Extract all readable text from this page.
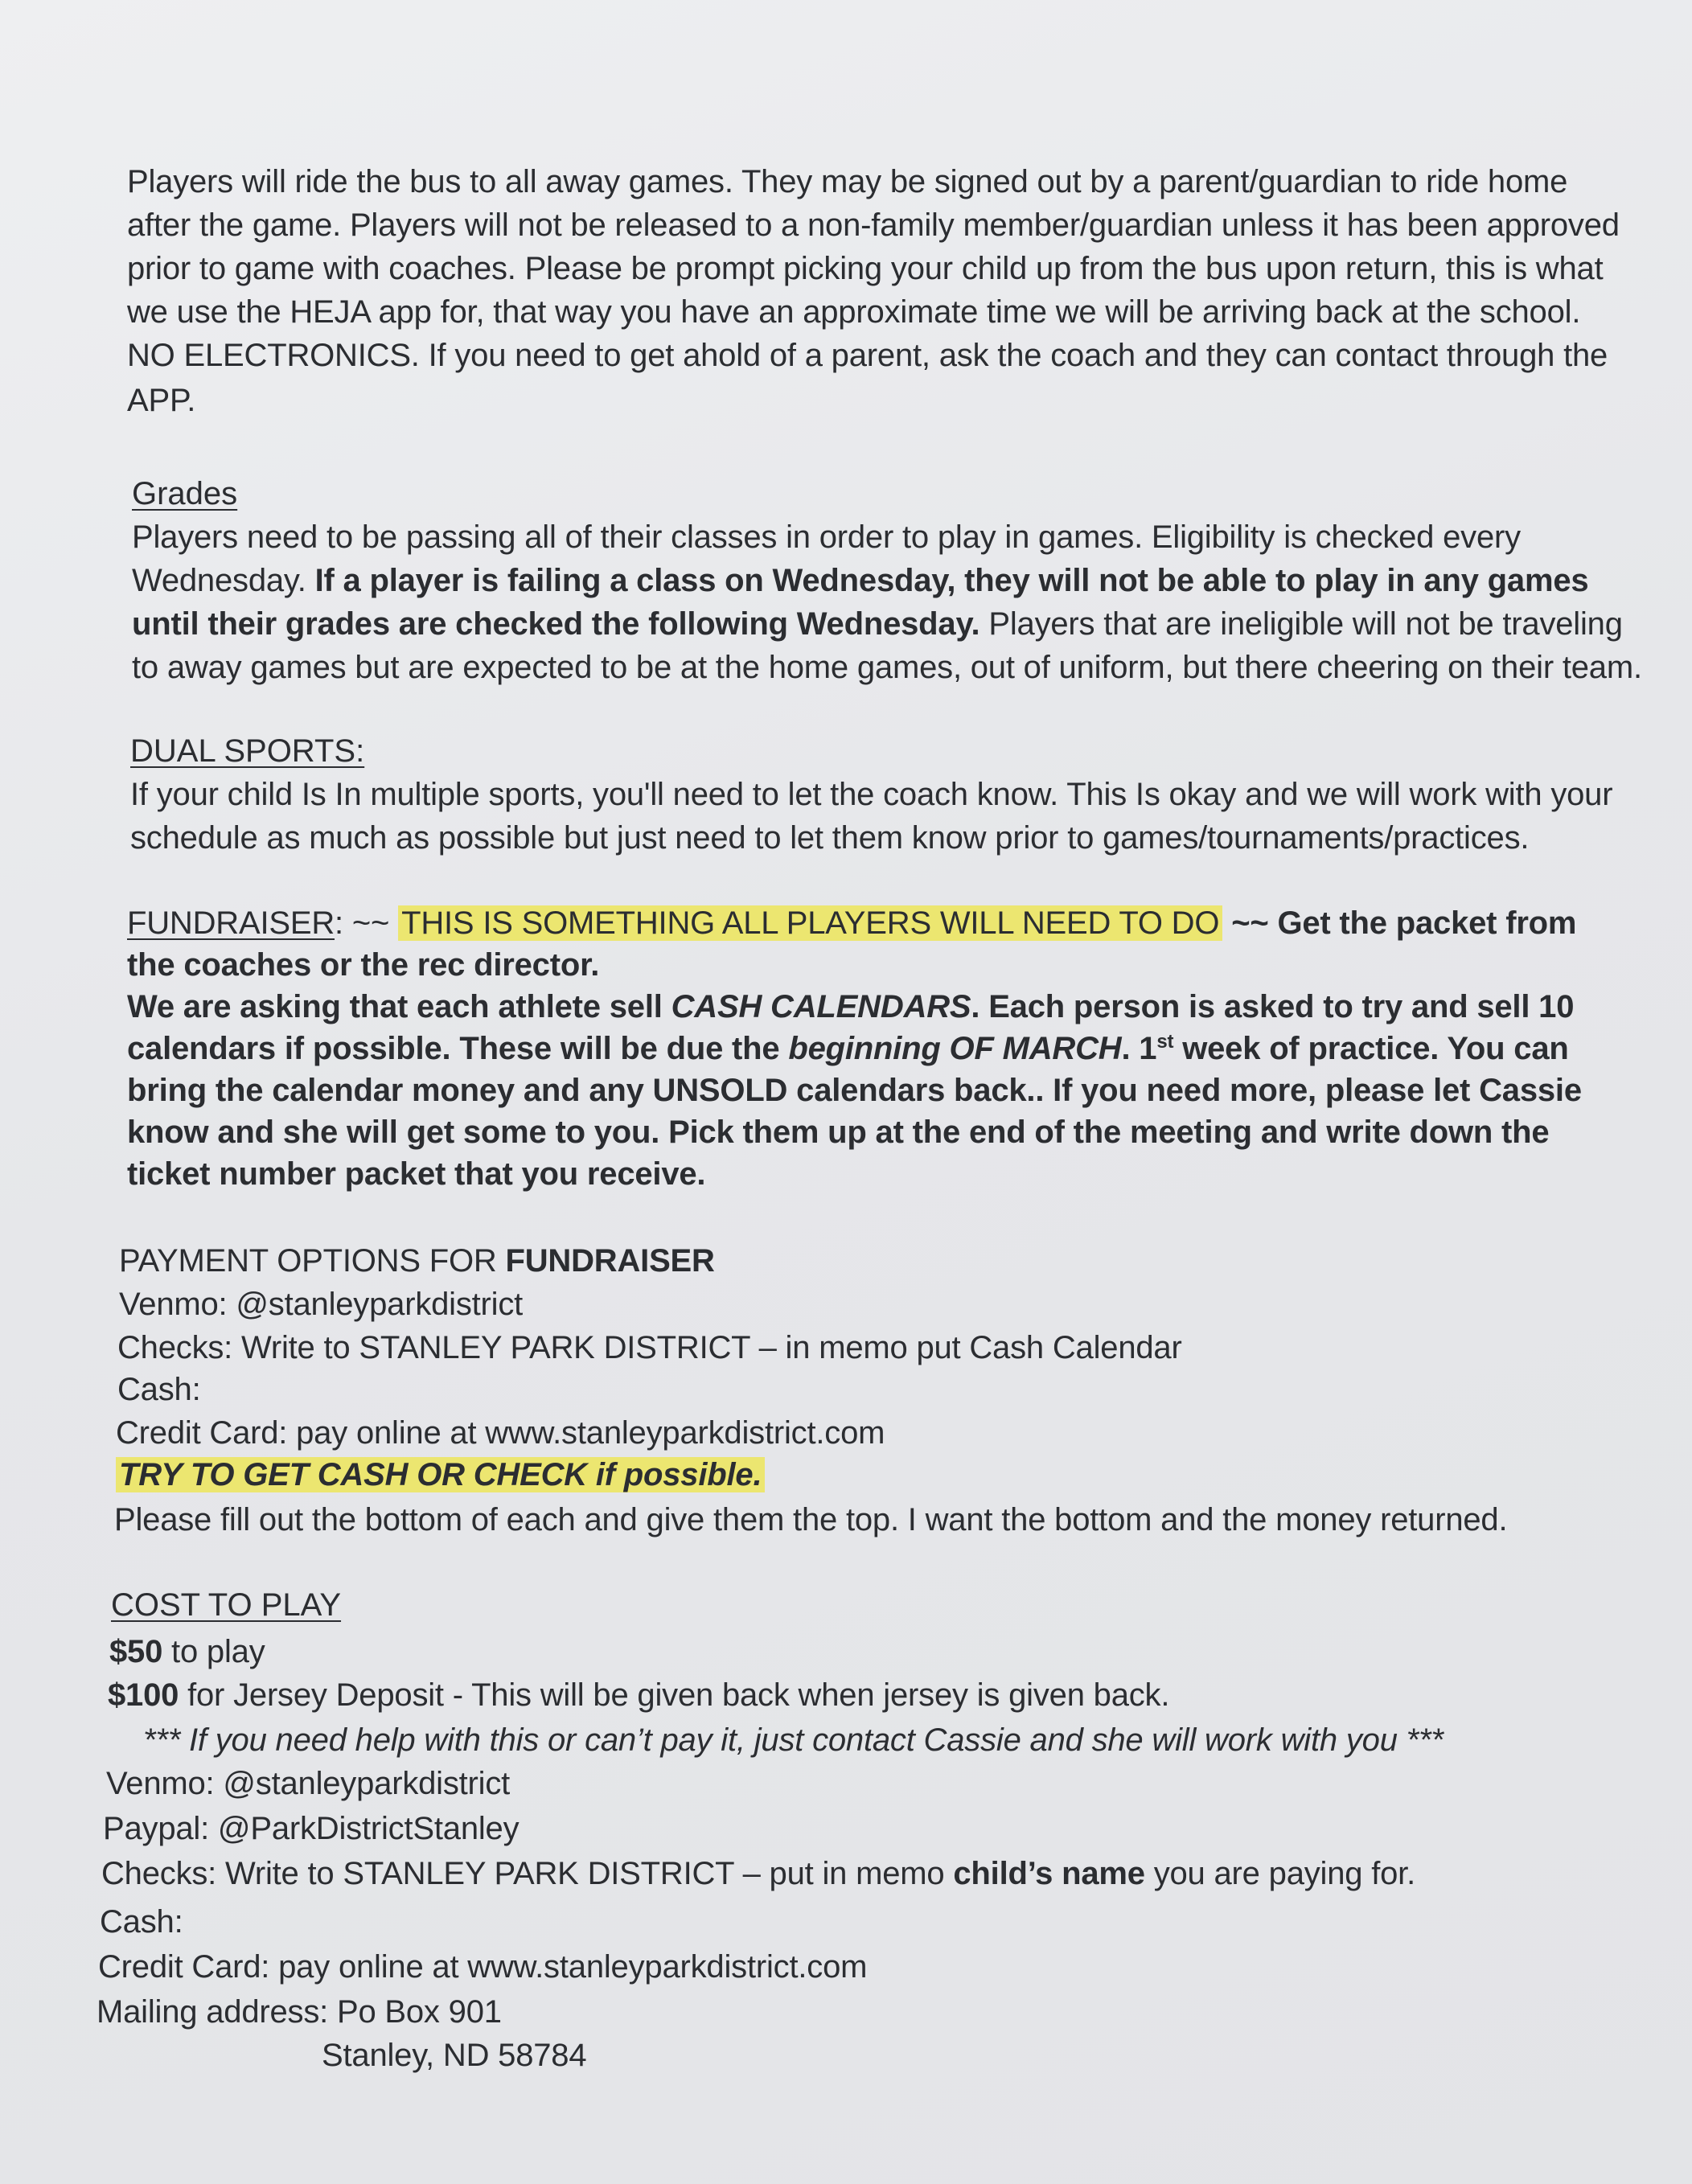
Players will ride the bus to all away games. They may be signed out by a parent/guardian to ride home
after the game. Players will not be released to a non-family member/guardian unless it has been approved
prior to game with coaches. Please be prompt picking your child up from the bus upon return, this is what
we use the HEJA app for, that way you have an approximate time we will be arriving back at the school.
NO ELECTRONICS. If you need to get ahold of a parent, ask the coach and they can contact through the
APP.
Grades
Players need to be passing all of their classes in order to play in games. Eligibility is checked every
Wednesday. If a player is failing a class on Wednesday, they will not be able to play in any games
until their grades are checked the following Wednesday. Players that are ineligible will not be traveling
to away games but are expected to be at the home games, out of uniform, but there cheering on their team.
DUAL SPORTS:
If your child Is In multiple sports, you'll need to let the coach know. This Is okay and we will work with your
schedule as much as possible but just need to let them know prior to games/tournaments/practices.
FUNDRAISER: ~~ THIS IS SOMETHING ALL PLAYERS WILL NEED TO DO ~~ Get the packet from
the coaches or the rec director.
We are asking that each athlete sell CASH CALENDARS. Each person is asked to try and sell 10
calendars if possible. These will be due the beginning OF MARCH. 1st week of practice. You can
bring the calendar money and any UNSOLD calendars back.. If you need more, please let Cassie
know and she will get some to you. Pick them up at the end of the meeting and write down the
ticket number packet that you receive.
PAYMENT OPTIONS FOR FUNDRAISER
Venmo: @stanleyparkdistrict
Checks: Write to STANLEY PARK DISTRICT – in memo put Cash Calendar
Cash:
Credit Card: pay online at www.stanleyparkdistrict.com
TRY TO GET CASH OR CHECK if possible.
Please fill out the bottom of each and give them the top. I want the bottom and the money returned.
COST TO PLAY
$50 to play
$100 for Jersey Deposit - This will be given back when jersey is given back.
*** If you need help with this or can’t pay it, just contact Cassie and she will work with you ***
Venmo: @stanleyparkdistrict
Paypal: @ParkDistrictStanley
Checks: Write to STANLEY PARK DISTRICT – put in memo child’s name you are paying for.
Cash:
Credit Card: pay online at www.stanleyparkdistrict.com
Mailing address: Po Box 901
Stanley, ND 58784
